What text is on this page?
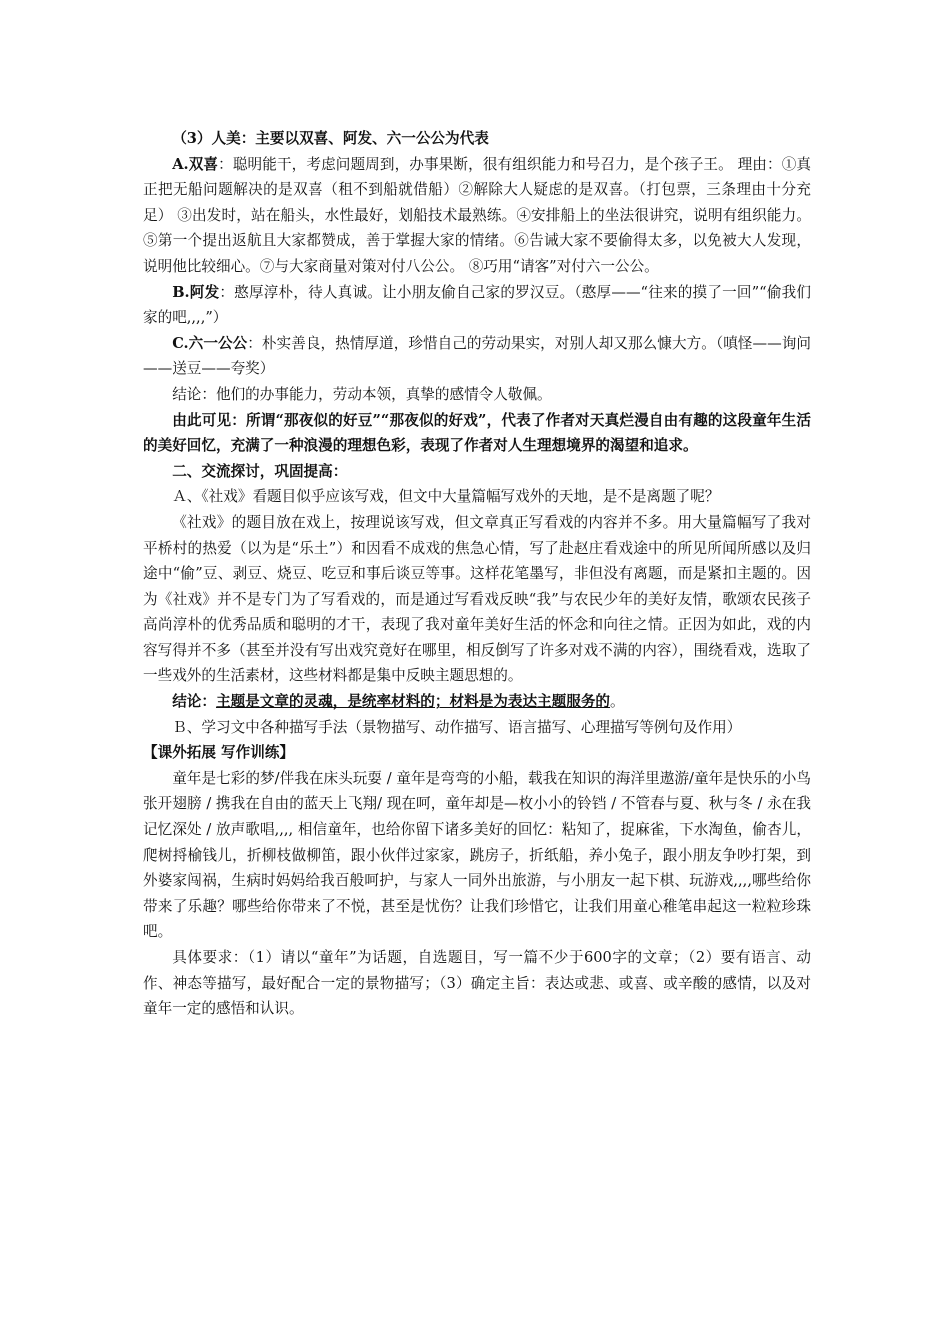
（3）人美：主要以双喜、阿发、六一公公为代表

A.双喜：聪明能干，考虑问题周到，办事果断，很有组织能力和号召力，是个孩子王。 理由：①真正把无船问题解决的是双喜（租不到船就借船）②解除大人疑虑的是双喜。（打包票，三条理由十分充足） ③出发时，站在船头，水性最好，划船技术最熟练。④安排船上的坐法很讲究，说明有组织能力。 ⑤第一个提出返航且大家都赞成，善于掌握大家的情绪。⑥告诫大家不要偷得太多，以免被大人发现，说明他比较细心。⑦与大家商量对策对付八公公。 ⑧巧用“请客”对付六一公公。

B.阿发：憨厚淳朴，待人真诚。让小朋友偷自己家的罗汉豆。（憨厚——“往来的摸了一回”“偷我们家的吧,,,,”）

C.六一公公：朴实善良，热情厚道，珍惜自己的劳动果实，对别人却又那么慷大方。（嗔怪——询问——送豆——夸奖）

结论：他们的办事能力，劳动本领，真挚的感情令人敬佩。

由此可见：所谓“那夜似的好豆”“那夜似的好戏”，代表了作者对天真烂漫自由有趣的这段童年生活的美好回忆，充满了一种浪漫的理想色彩，表现了作者对人生理想境界的渴望和追求。

二、交流探讨，巩固提高：

Ａ、《社戏》看题目似乎应该写戏，但文中大量篇幅写戏外的天地，是不是离题了呢？

《社戏》的题目放在戏上，按理说该写戏，但文章真正写看戏的内容并不多。用大量篇幅写了我对平桥村的热爱（以为是“乐土”）和因看不成戏的焦急心情，写了赴赵庄看戏途中的所见所闻所感以及归途中“偷”豆、剥豆、烧豆、吃豆和事后谈豆等事。这样花笔墨写，非但没有离题，而是紧扣主题的。因为《社戏》并不是专门为了写看戏的，而是通过写看戏反映“我”与农民少年的美好友情，歌颂农民孩子高尚淳朴的优秀品质和聪明的才干，表现了我对童年美好生活的怀念和向往之情。正因为如此，戏的内容写得并不多（甚至并没有写出戏究竟好在哪里，相反倒写了许多对戏不满的内容），围绕看戏，选取了一些戏外的生活素材，这些材料都是集中反映主题思想的。

结论：主题是文章的灵魂，是统率材料的；材料是为表达主题服务的。

Ｂ、学习文中各种描写手法（景物描写、动作描写、语言描写、心理描写等例句及作用）

【课外拓展 写作训练】

童年是七彩的梦/伴我在床头玩耍 / 童年是弯弯的小船，载我在知识的海洋里遨游/童年是快乐的小鸟张开翅膀 / 携我在自由的蓝天上飞翔/ 现在呵，童年却是—枚小小的铃铛 / 不管春与夏、秋与冬 / 永在我记忆深处 / 放声歌唱,,,, 相信童年，也给你留下诸多美好的回忆：粘知了，捉麻雀，下水淘鱼，偷杏儿，爬树捋榆钱儿，折柳枝做柳笛，跟小伙伴过家家，跳房子，折纸船，养小兔子，跟小朋友争吵打架，到外婆家闯祸，生病时妈妈给我百般呵护，与家人一同外出旅游，与小朋友一起下棋、玩游戏,,,,哪些给你带来了乐趣？哪些给你带来了不悦，甚至是忧伤？让我们珍惜它，让我们用童心稚笔串起这一粒粒珍珠吧。

具体要求：（1）请以“童年”为话题，自选题目，写一篇不少于600字的文章；（2）要有语言、动作、神态等描写，最好配合一定的景物描写；（3）确定主旨：表达或悲、或喜、或辛酸的感情，以及对童年一定的感悟和认识。
